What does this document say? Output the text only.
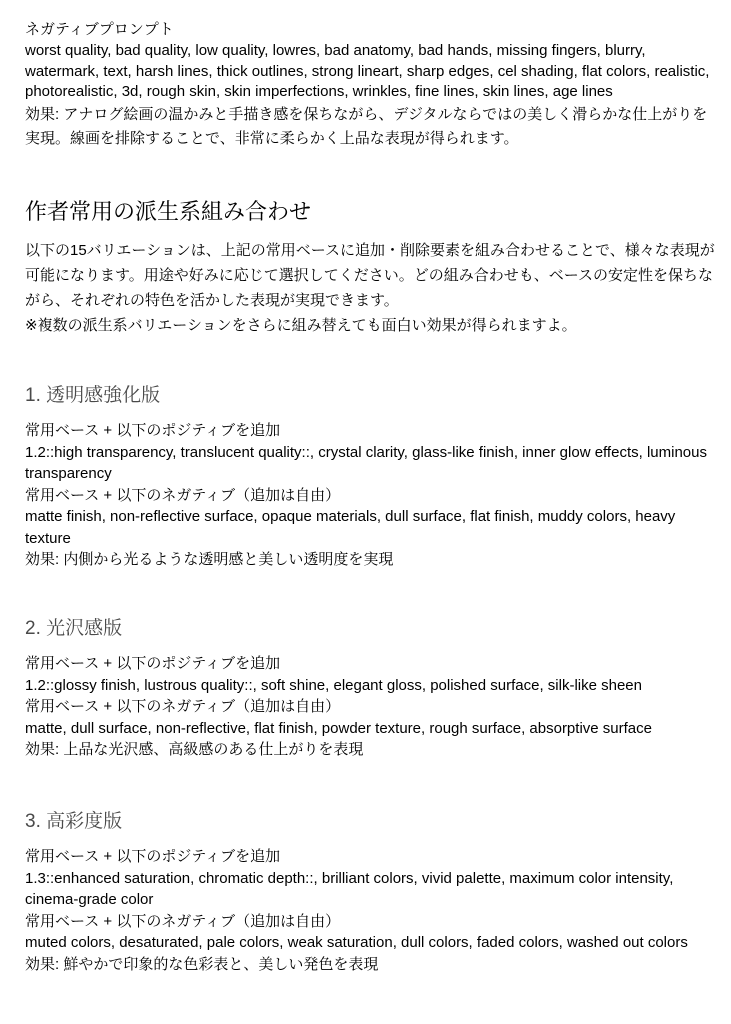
ネガティブプロンプト
worst quality, bad quality, low quality, lowres, bad anatomy, bad hands, missing fingers, blurry, watermark, text, harsh lines, thick outlines, strong lineart, sharp edges, cel shading, flat colors, realistic, photorealistic, 3d, rough skin, skin imperfections, wrinkles, fine lines, skin lines, age lines
効果: アナログ絵画の温かみと手描き感を保ちながら、デジタルならではの美しく滑らかな仕上がりを実現。線画を排除することで、非常に柔らかく上品な表現が得られます。
作者常用の派生系組み合わせ

以下の15バリエーションは、上記の常用ベースに追加・削除要素を組み合わせることで、様々な表現が可能になります。用途や好みに応じて選択してください。どの組み合わせも、ベースの安定性を保ちながら、それぞれの特色を活かした表現が実現できます。

※複数の派生系バリエーションをさらに組み替えても面白い効果が得られますよ。

1. 透明感強化版
常用ベース + 以下のポジティブを追加
1.2::high transparency, translucent quality::, crystal clarity, glass-like finish, inner glow effects, luminous transparency
常用ベース + 以下のネガティブ（追加は自由）
matte finish, non-reflective surface, opaque materials, dull surface, flat finish, muddy colors, heavy texture
効果: 内側から光るような透明感と美しい透明度を実現
2. 光沢感版
常用ベース + 以下のポジティブを追加
1.2::glossy finish, lustrous quality::, soft shine, elegant gloss, polished surface, silk-like sheen
常用ベース + 以下のネガティブ（追加は自由）
matte, dull surface, non-reflective, flat finish, powder texture, rough surface, absorptive surface
効果: 上品な光沢感、高級感のある仕上がりを表現
3. 高彩度版
常用ベース + 以下のポジティブを追加
1.3::enhanced saturation, chromatic depth::, brilliant colors, vivid palette, maximum color intensity, cinema-grade color
常用ベース + 以下のネガティブ（追加は自由）
muted colors, desaturated, pale colors, weak saturation, dull colors, faded colors, washed out colors
効果: 鮮やかで印象的な色彩表と、美しい発色を表現
